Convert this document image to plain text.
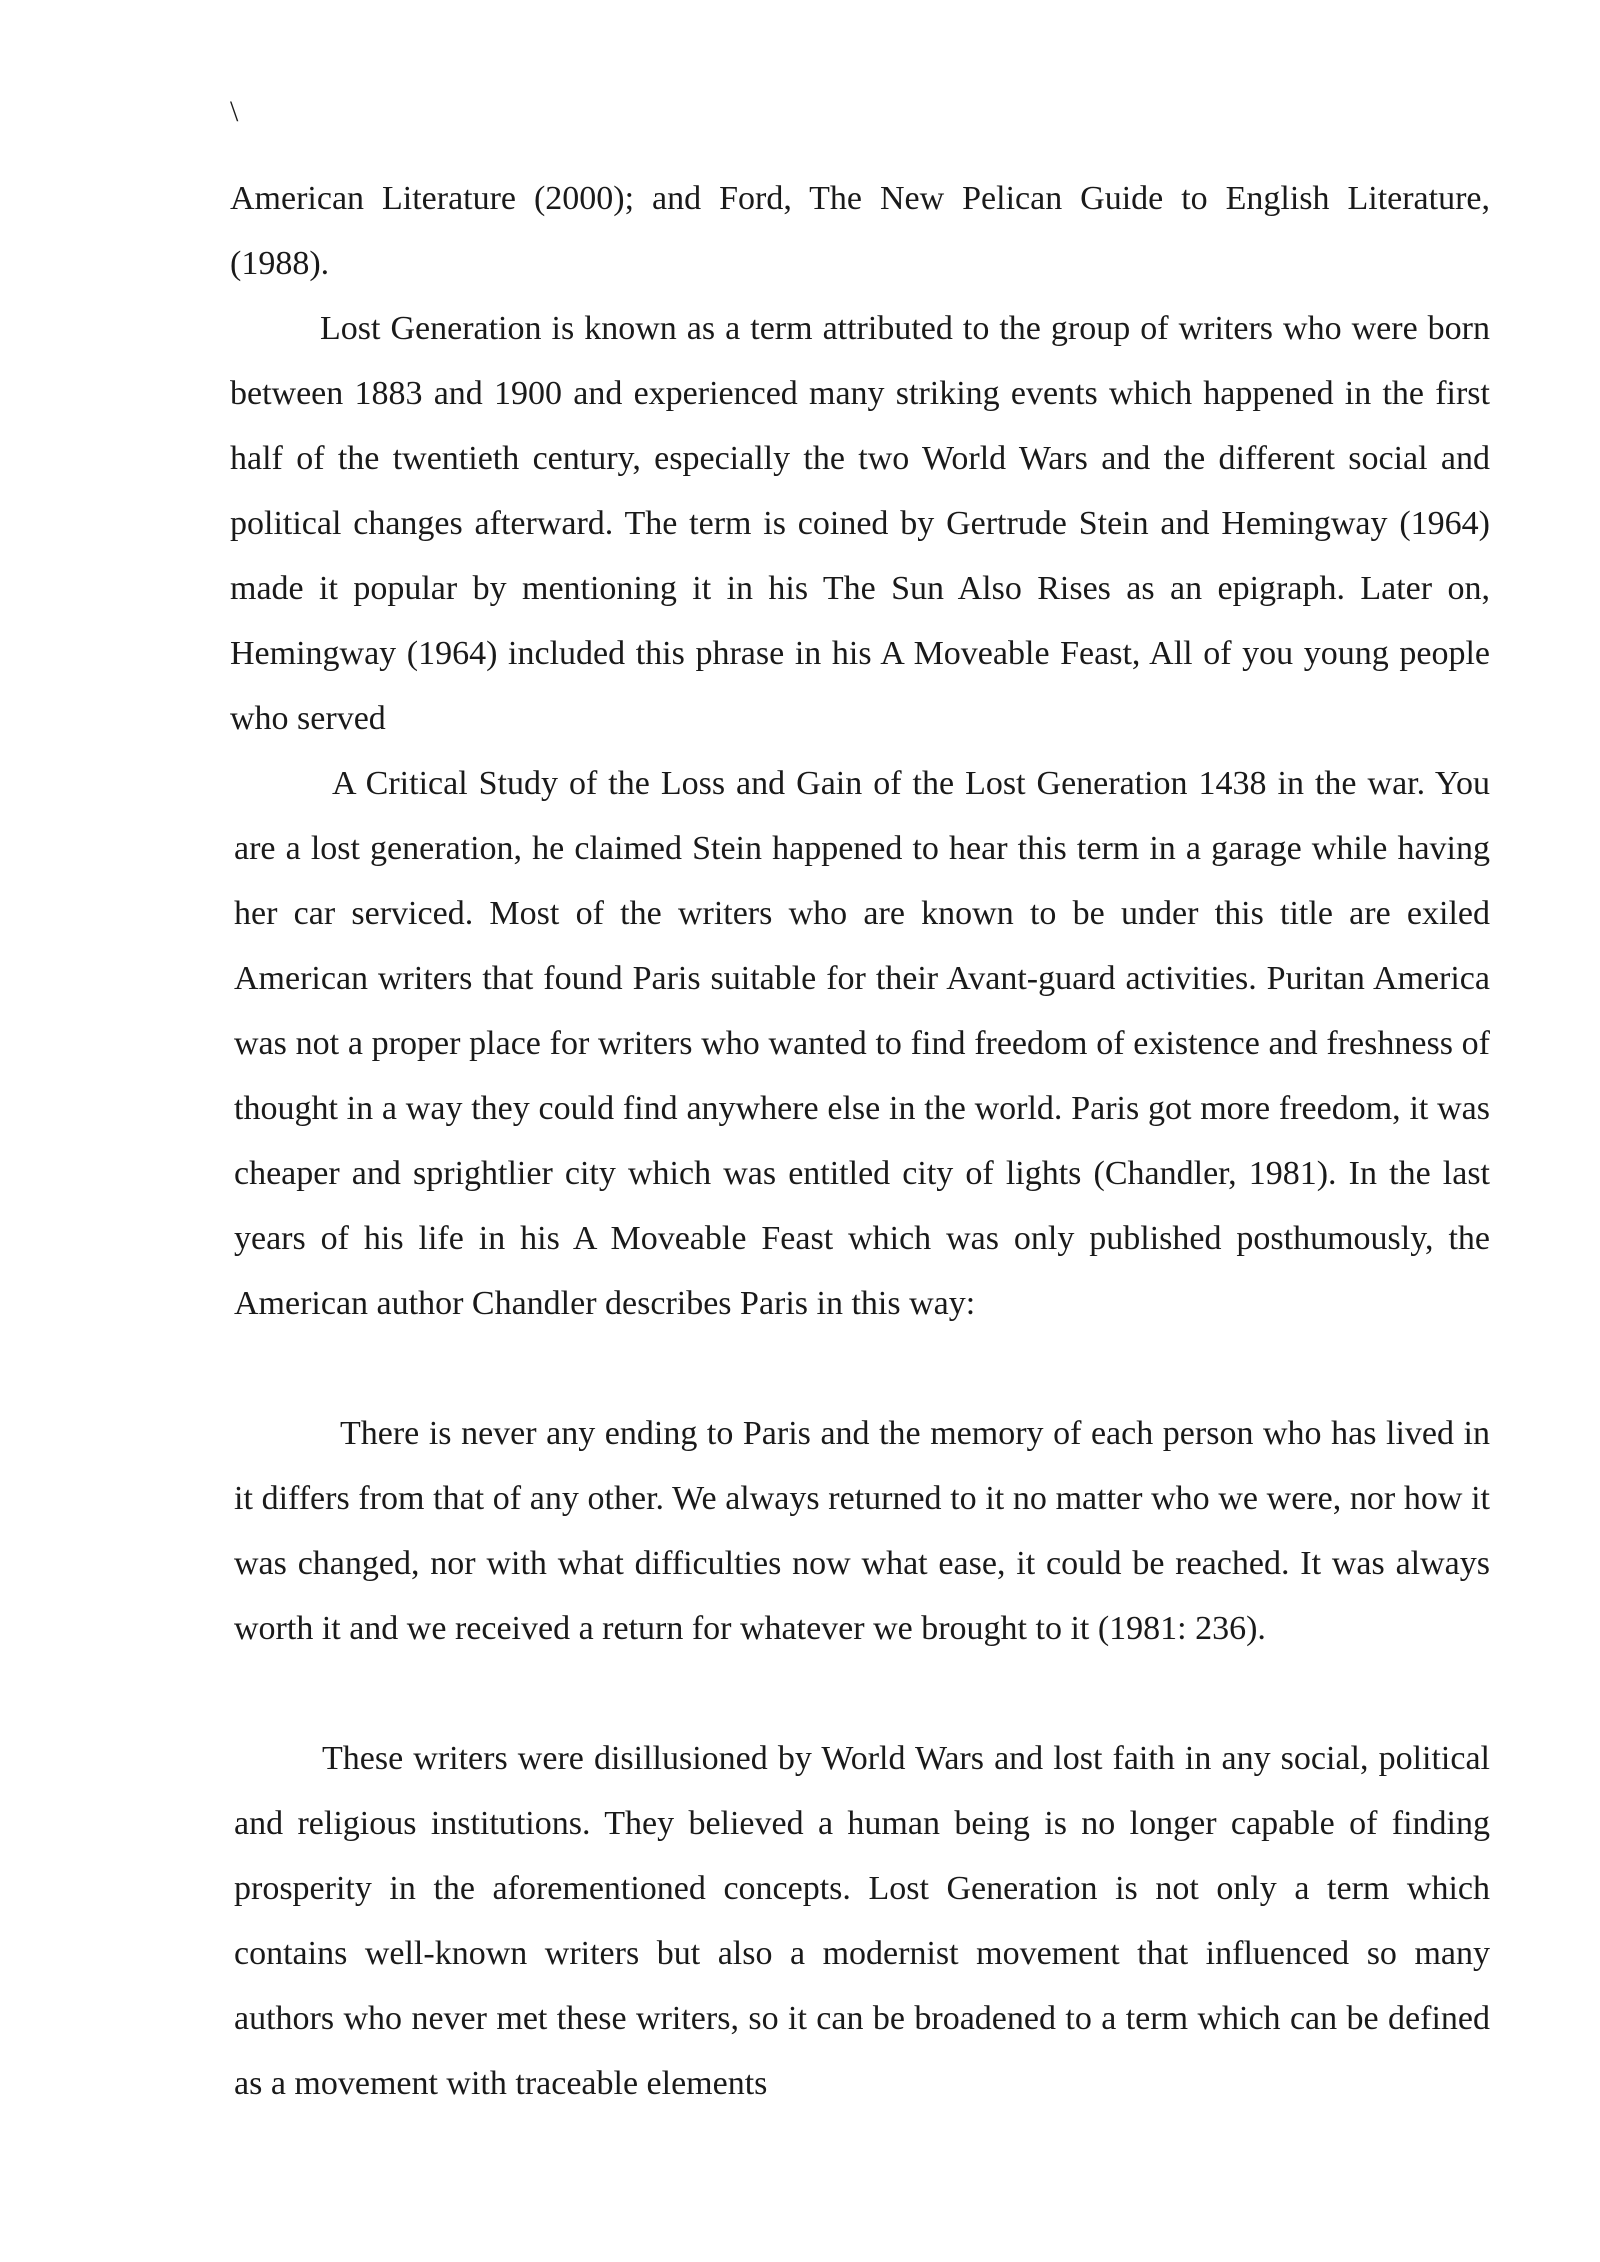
\

American Literature (2000); and Ford, The New Pelican Guide to English Literature, (1988).

Lost Generation is known as a term attributed to the group of writers who were born between 1883 and 1900 and experienced many striking events which happened in the first half of the twentieth century, especially the two World Wars and the different social and political changes afterward. The term is coined by Gertrude Stein and Hemingway (1964) made it popular by mentioning it in his The Sun Also Rises as an epigraph. Later on, Hemingway (1964) included this phrase in his A Moveable Feast, All of you young people who served

A Critical Study of the Loss and Gain of the Lost Generation 1438 in the war. You are a lost generation, he claimed Stein happened to hear this term in a garage while having her car serviced. Most of the writers who are known to be under this title are exiled American writers that found Paris suitable for their Avant-guard activities. Puritan America was not a proper place for writers who wanted to find freedom of existence and freshness of thought in a way they could find anywhere else in the world. Paris got more freedom, it was cheaper and sprightlier city which was entitled city of lights (Chandler, 1981). In the last years of his life in his A Moveable Feast which was only published posthumously, the American author Chandler describes Paris in this way:

There is never any ending to Paris and the memory of each person who has lived in it differs from that of any other. We always returned to it no matter who we were, nor how it was changed, nor with what difficulties now what ease, it could be reached. It was always worth it and we received a return for whatever we brought to it (1981: 236).

These writers were disillusioned by World Wars and lost faith in any social, political and religious institutions. They believed a human being is no longer capable of finding prosperity in the aforementioned concepts. Lost Generation is not only a term which contains well-known writers but also a modernist movement that influenced so many authors who never met these writers, so it can be broadened to a term which can be defined as a movement with traceable elements
